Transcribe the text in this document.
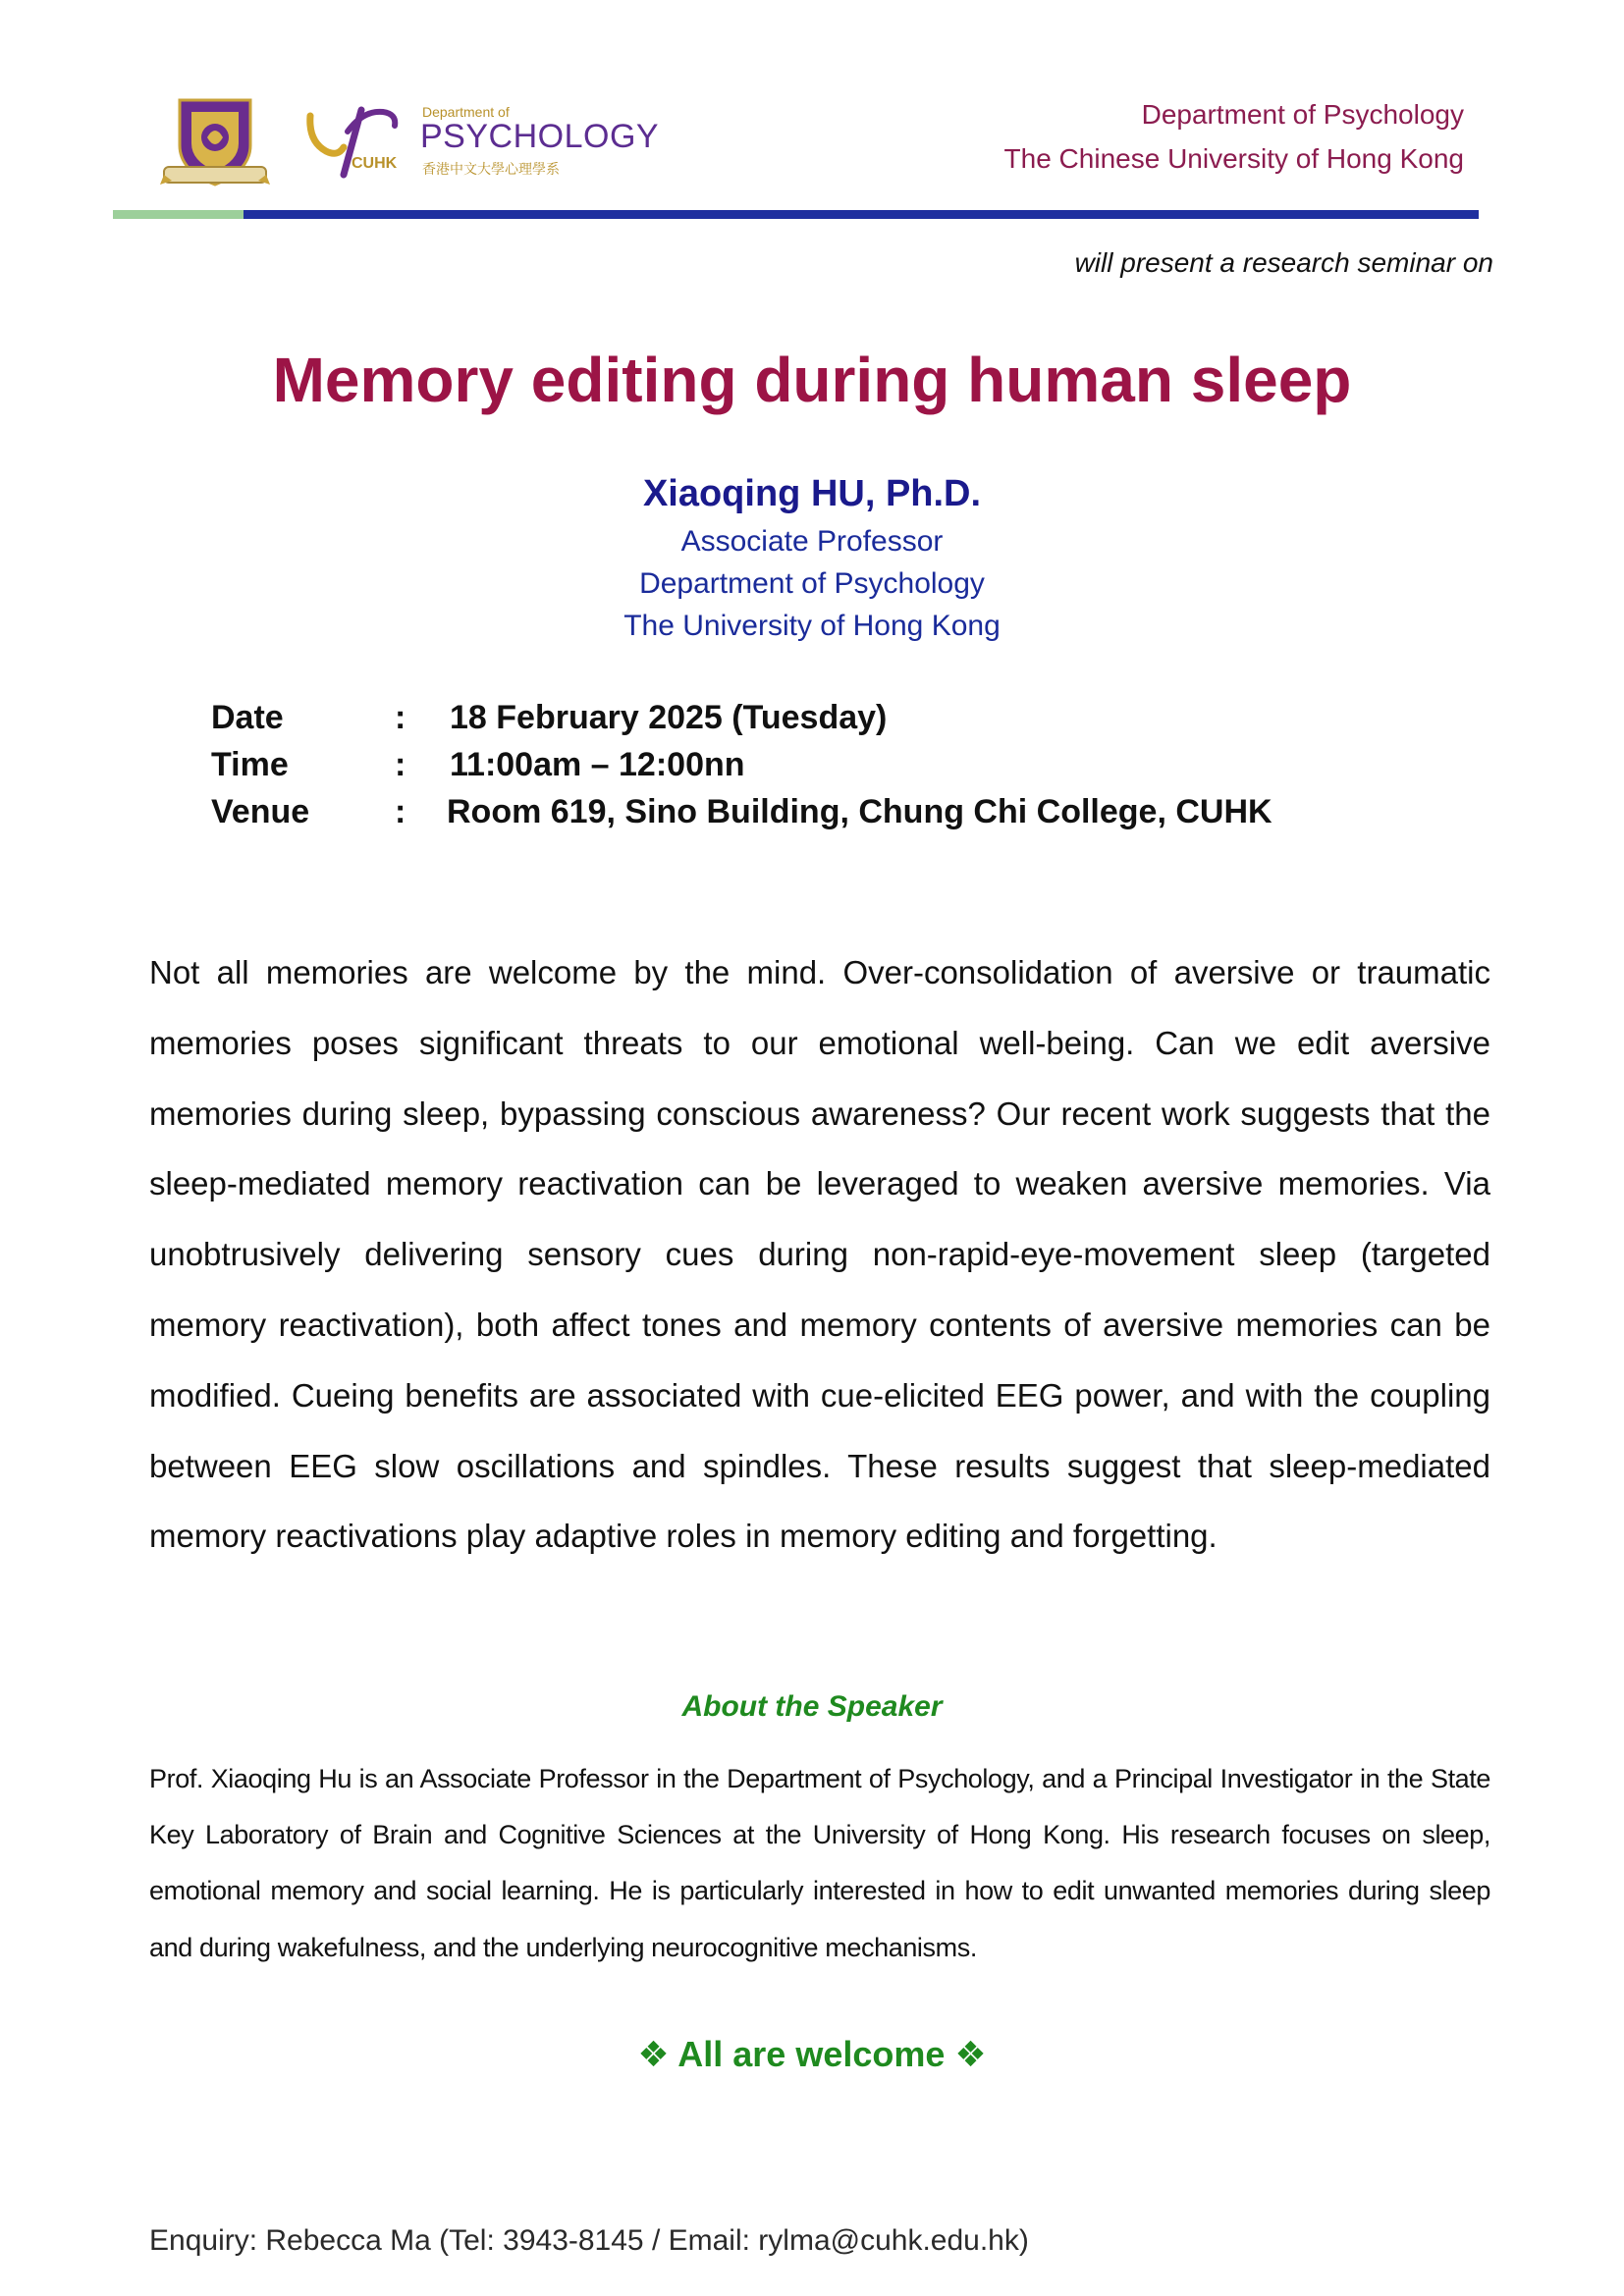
CUHK
Department of
PSYCHOLOGY
香港中文大學心理學系
Department of Psychology
The Chinese University of Hong Kong
will present a research seminar on
Memory editing during human sleep
Xiaoqing HU, Ph.D.
Associate Professor
Department of Psychology
The University of Hong Kong
Date	: 18 February 2025 (Tuesday)
Time	: 11:00am – 12:00nn
Venue	: Room 619, Sino Building, Chung Chi College, CUHK

Not all memories are welcome by the mind. Over-consolidation of aversive or traumatic memories poses significant threats to our emotional well-being. Can we edit aversive memories during sleep, bypassing conscious awareness? Our recent work suggests that the sleep-mediated memory reactivation can be leveraged to weaken aversive memories. Via unobtrusively delivering sensory cues during non-rapid-eye-movement sleep (targeted memory reactivation), both affect tones and memory contents of aversive memories can be modified. Cueing benefits are associated with cue-elicited EEG power, and with the coupling between EEG slow oscillations and spindles. These results suggest that sleep-mediated memory reactivations play adaptive roles in memory editing and forgetting.

About the Speaker

Prof. Xiaoqing Hu is an Associate Professor in the Department of Psychology, and a Principal Investigator in the State Key Laboratory of Brain and Cognitive Sciences at the University of Hong Kong. His research focuses on sleep, emotional memory and social learning. He is particularly interested in how to edit unwanted memories during sleep and during wakefulness, and the underlying neurocognitive mechanisms.

❖ All are welcome ❖
Enquiry: Rebecca Ma (Tel: 3943-8145 / Email: rylma@cuhk.edu.hk)
